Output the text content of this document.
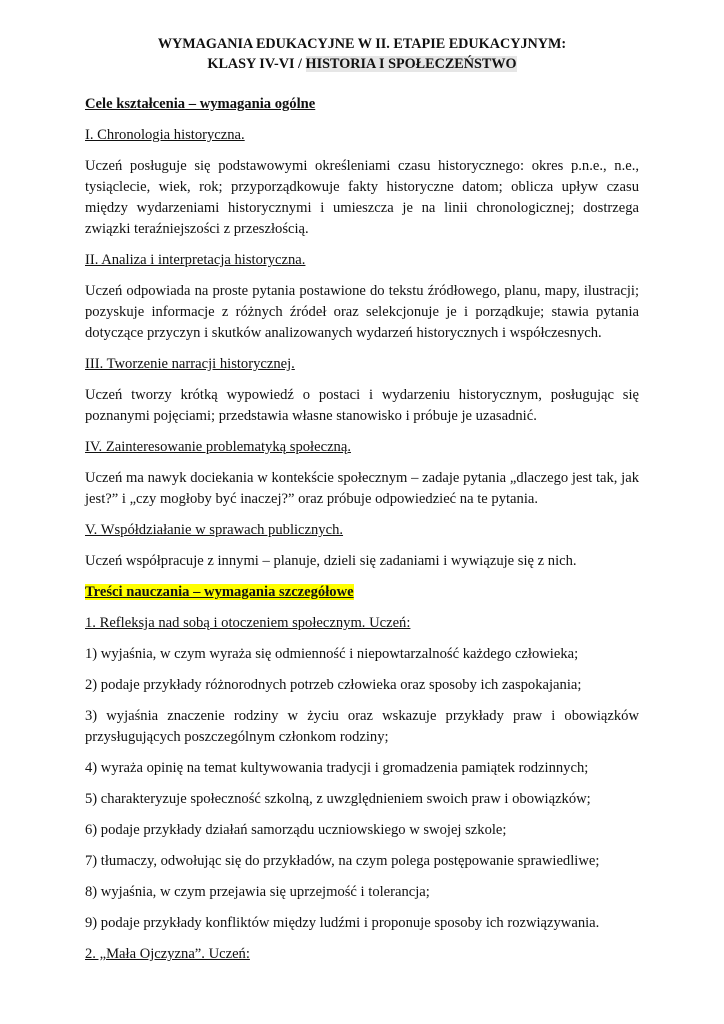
WYMAGANIA EDUKACYJNE W II. ETAPIE EDUKACYJNYM:
KLASY IV-VI / HISTORIA I SPOŁECZEŃSTWO

Cele kształcenia – wymagania ogólne

I. Chronologia historyczna.

Uczeń posługuje się podstawowymi określeniami czasu historycznego: okres p.n.e., n.e., tysiąclecie, wiek, rok; przyporządkowuje fakty historyczne datom; oblicza upływ czasu między wydarzeniami historycznymi i umieszcza je na linii chronologicznej; dostrzega związki teraźniejszości z przeszłością.

II. Analiza i interpretacja historyczna.

Uczeń odpowiada na proste pytania postawione do tekstu źródłowego, planu, mapy, ilustracji; pozyskuje informacje z różnych źródeł oraz selekcjonuje je i porządkuje; stawia pytania dotyczące przyczyn i skutków analizowanych wydarzeń historycznych i współczesnych.

III. Tworzenie narracji historycznej.

Uczeń tworzy krótką wypowiedź o postaci i wydarzeniu historycznym, posługując się poznanymi pojęciami; przedstawia własne stanowisko i próbuje je uzasadnić.

IV. Zainteresowanie problematyką społeczną.

Uczeń ma nawyk dociekania w kontekście społecznym – zadaje pytania „dlaczego jest tak, jak jest?” i „czy mogłoby być inaczej?” oraz próbuje odpowiedzieć na te pytania.

V. Współdziałanie w sprawach publicznych.

Uczeń współpracuje z innymi – planuje, dzieli się zadaniami i wywiązuje się z nich.

Treści nauczania – wymagania szczegółowe

1. Refleksja nad sobą i otoczeniem społecznym. Uczeń:

1) wyjaśnia, w czym wyraża się odmienność i niepowtarzalność każdego człowieka;

2) podaje przykłady różnorodnych potrzeb człowieka oraz sposoby ich zaspokajania;

3) wyjaśnia znaczenie rodziny w życiu oraz wskazuje przykłady praw i obowiązków przysługujących poszczególnym członkom rodziny;

4) wyraża opinię na temat kultywowania tradycji i gromadzenia pamiątek rodzinnych;

5) charakteryzuje społeczność szkolną, z uwzględnieniem swoich praw i obowiązków;

6) podaje przykłady działań samorządu uczniowskiego w swojej szkole;

7) tłumaczy, odwołując się do przykładów, na czym polega postępowanie sprawiedliwe;

8) wyjaśnia, w czym przejawia się uprzejmość i tolerancja;

9) podaje przykłady konfliktów między ludźmi i proponuje sposoby ich rozwiązywania.

2. „Mała Ojczyzna”. Uczeń:
